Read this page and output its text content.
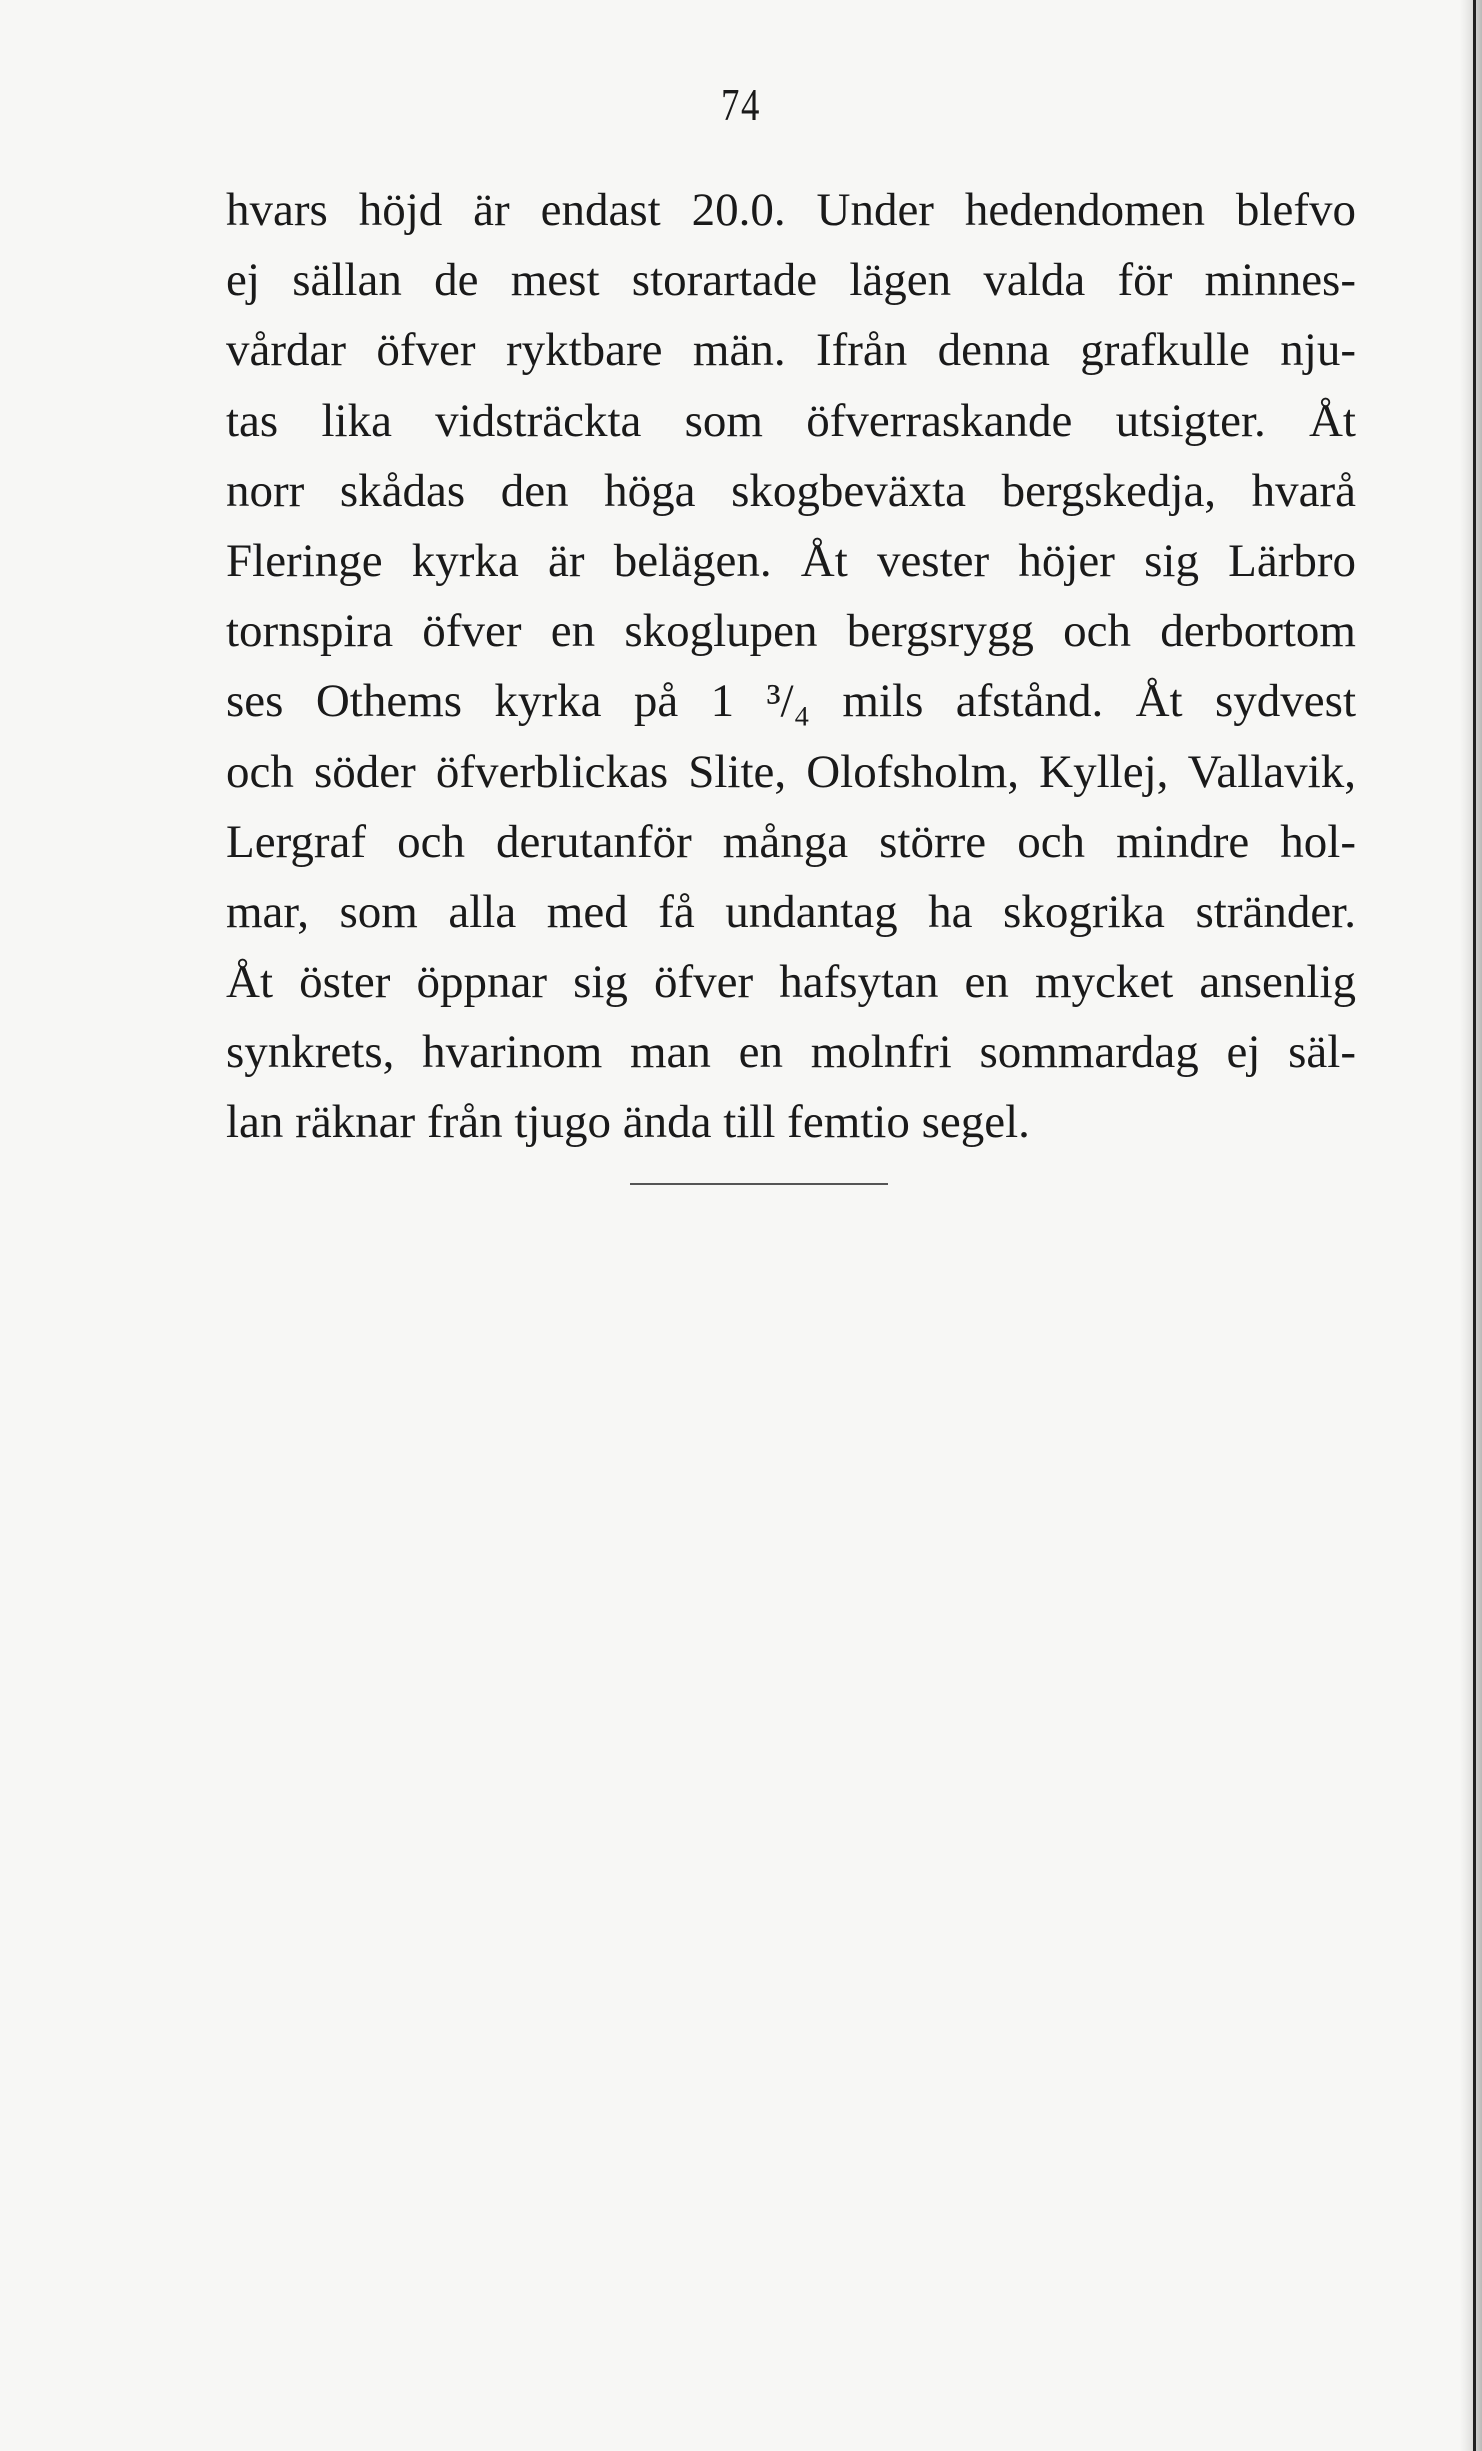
74
hvars höjd är endast 20.0. Under hedendomen blefvo
ej sällan de mest storartade lägen valda för minnes-
vårdar öfver ryktbare män. Ifrån denna grafkulle nju-
tas lika vidsträckta som öfverraskande utsigter. Åt
norr skådas den höga skogbeväxta bergskedja, hvarå
Fleringe kyrka är belägen. Åt vester höjer sig Lärbro
tornspira öfver en skoglupen bergsrygg och derbortom
ses Othems kyrka på 1 ³/₄ mils afstånd. Åt sydvest
och söder öfverblickas Slite, Olofsholm, Kyllej, Vallavik,
Lergraf och derutanför många större och mindre hol-
mar, som alla med få undantag ha skogrika stränder.
Åt öster öppnar sig öfver hafsytan en mycket ansenlig
synkrets, hvarinom man en molnfri sommardag ej säl-
lan räknar från tjugo ända till femtio segel.
